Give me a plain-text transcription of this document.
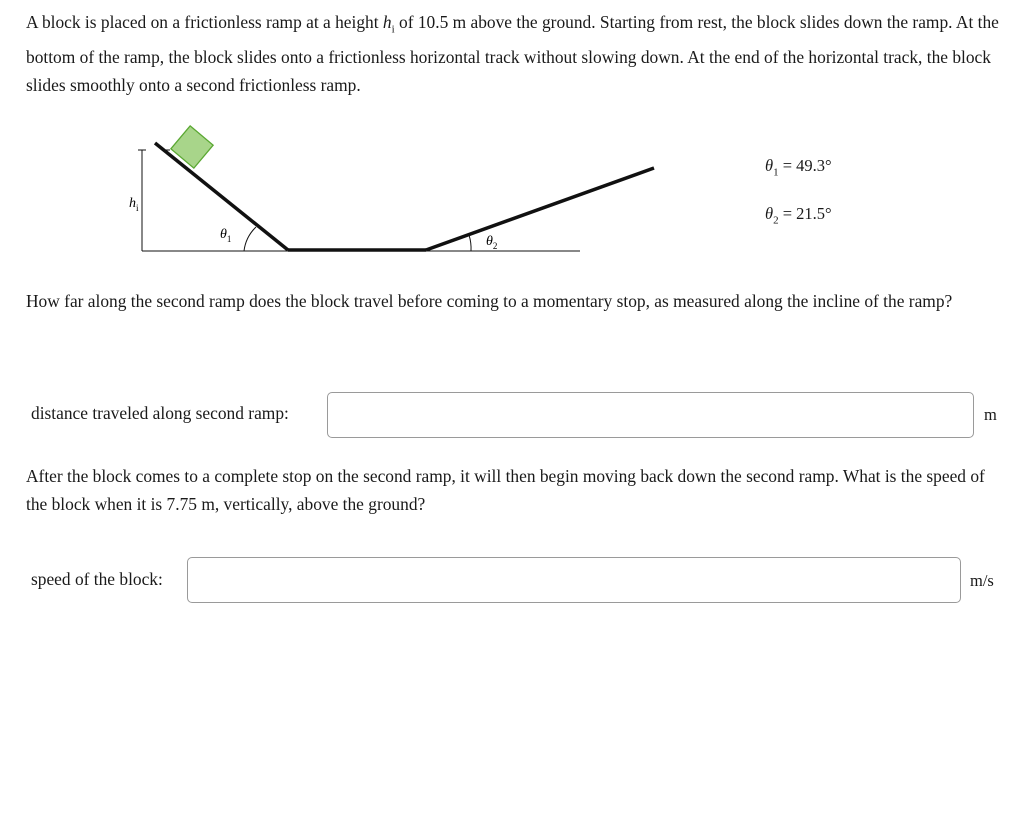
A block is placed on a frictionless ramp at a height $h_i$ of 10.5 m above the ground. Starting from rest, the block slides down the ramp. At the bottom of the ramp, the block slides onto a frictionless horizontal track without slowing down. At the end of the horizontal track, the block slides smoothly onto a second frictionless ramp.

$h_i$
$\theta_1$	$\theta_2$
$\theta_1 = 49.3^\circ$
$\theta_2 = 21.5^\circ$

How far along the second ramp does the block travel before coming to a momentary stop, as measured along the incline of the ramp?

distance traveled along second ramp:	m

After the block comes to a complete stop on the second ramp, it will then begin moving back down the second ramp. What is the speed of the block when it is 7.75 m, vertically, above the ground?

speed of the block:	m/s
